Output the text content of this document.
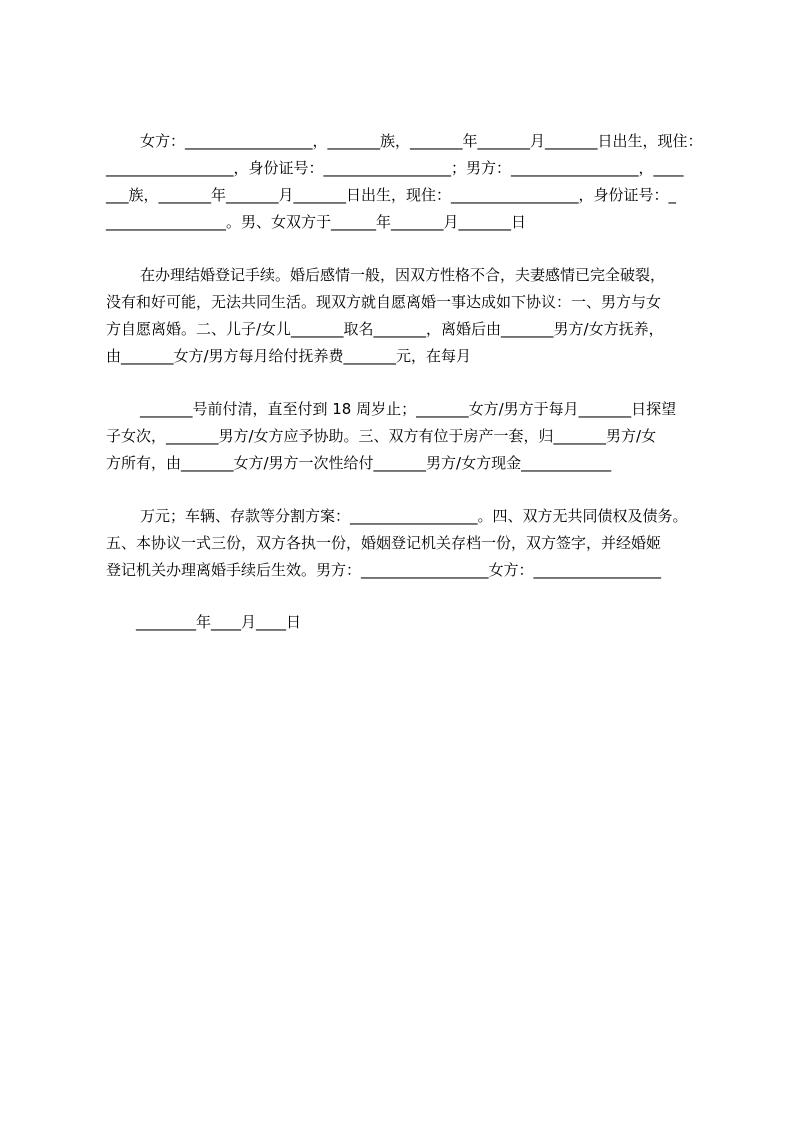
女方：_________________，_______族，_______年_______月_______日出生，现住：
_________________，身份证号：_________________；男方：_________________，____
___族，_______年_______月_______日出生，现住：_________________，身份证号：_
________________。男、女双方于______年_______月_______日
在办理结婚登记手续。婚后感情一般，因双方性格不合，夫妻感情已完全破裂，
没有和好可能，无法共同生活。现双方就自愿离婚一事达成如下协议：一、男方与女
方自愿离婚。二、儿子/女儿_______取名_______，离婚后由_______男方/女方抚养，
由_______女方/男方每月给付抚养费_______元，在每月
_______号前付清，直至付到 18 周岁止；_______女方/男方于每月_______日探望
子女次，_______男方/女方应予协助。三、双方有位于房产一套，归_______男方/女
方所有，由_______女方/男方一次性给付_______男方/女方现金____________
万元；车辆、存款等分割方案：_________________。四、双方无共同债权及债务。
五、本协议一式三份，双方各执一份，婚姻登记机关存档一份，双方签字，并经婚姬
登记机关办理离婚手续后生效。男方：_________________女方：_________________
________年____月____日
